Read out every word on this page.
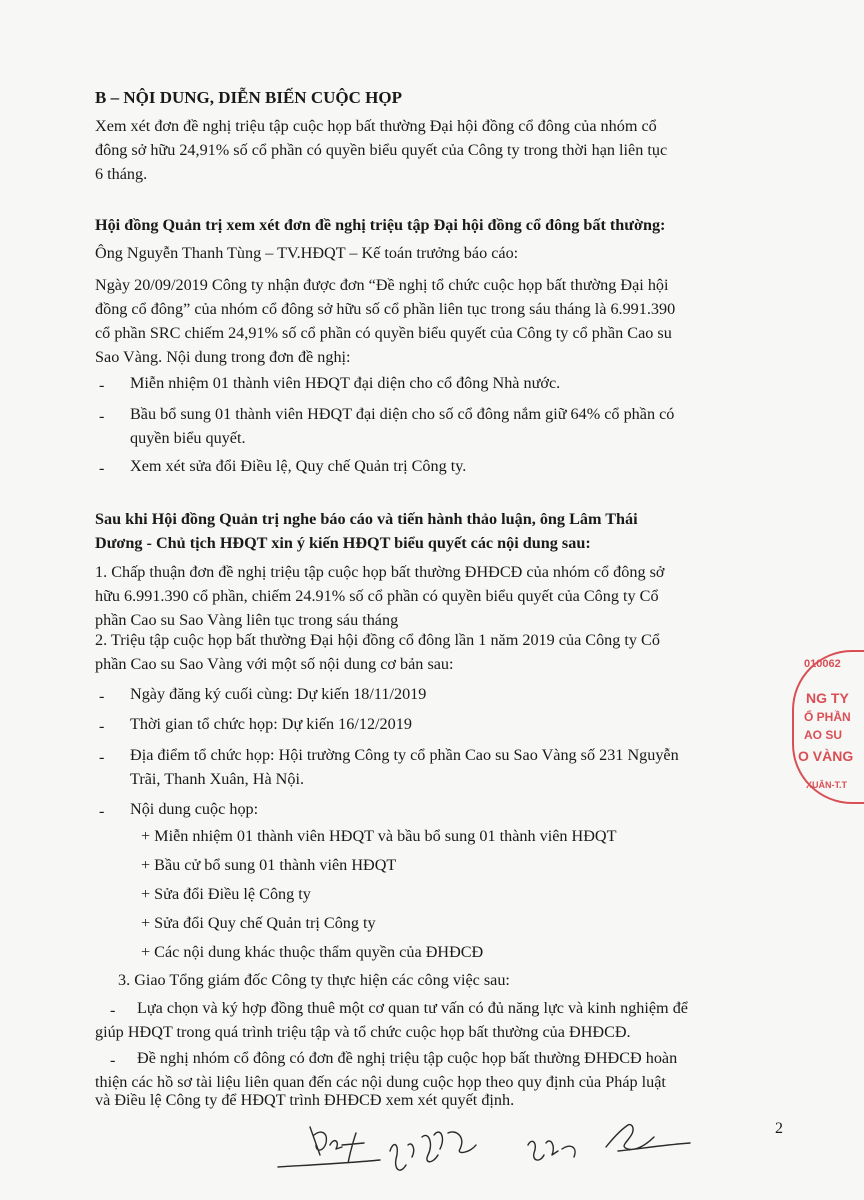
B – NỘI DUNG, DIỄN BIẾN CUỘC HỌP
Xem xét đơn đề nghị triệu tập cuộc họp bất thường Đại hội đồng cổ đông của nhóm cổ
đông sở hữu 24,91% số cổ phần có quyền biểu quyết của Công ty trong thời hạn liên tục
6 tháng.
Hội đồng Quản trị xem xét đơn đề nghị triệu tập Đại hội đồng cổ đông bất thường:
Ông Nguyễn Thanh Tùng – TV.HĐQT – Kế toán trưởng báo cáo:
Ngày 20/09/2019 Công ty nhận được đơn “Đề nghị tổ chức cuộc họp bất thường Đại hội
đồng cổ đông” của nhóm cổ đông sở hữu số cổ phần liên tục trong sáu tháng là 6.991.390
cổ phần SRC chiếm 24,91% số cổ phần có quyền biểu quyết của Công ty cổ phần Cao su
Sao Vàng. Nội dung trong đơn đề nghị:
- Miễn nhiệm 01 thành viên HĐQT đại diện cho cổ đông Nhà nước.
- Bầu bổ sung 01 thành viên HĐQT đại diện cho số cổ đông nắm giữ 64% cổ phần có
quyền biểu quyết.
- Xem xét sửa đổi Điều lệ, Quy chế Quản trị Công ty.
Sau khi Hội đồng Quản trị nghe báo cáo và tiến hành thảo luận, ông Lâm Thái
Dương - Chủ tịch HĐQT xin ý kiến HĐQT biểu quyết các nội dung sau:
1. Chấp thuận đơn đề nghị triệu tập cuộc họp bất thường ĐHĐCĐ của nhóm cổ đông sở
hữu 6.991.390 cổ phần, chiếm 24.91% số cổ phần có quyền biểu quyết của Công ty Cổ
phần Cao su Sao Vàng liên tục trong sáu tháng
2. Triệu tập cuộc họp bất thường Đại hội đồng cổ đông lần 1 năm 2019 của Công ty Cổ
phần Cao su Sao Vàng với một số nội dung cơ bản sau:
- Ngày đăng ký cuối cùng: Dự kiến 18/11/2019
- Thời gian tổ chức họp: Dự kiến 16/12/2019
- Địa điểm tổ chức họp: Hội trường Công ty cổ phần Cao su Sao Vàng số 231 Nguyễn
Trãi, Thanh Xuân, Hà Nội.
- Nội dung cuộc họp:
+ Miễn nhiệm 01 thành viên HĐQT và bầu bổ sung 01 thành viên HĐQT
+ Bầu cử bổ sung 01 thành viên HĐQT
+ Sửa đổi Điều lệ Công ty
+ Sửa đổi Quy chế Quản trị Công ty
+ Các nội dung khác thuộc thẩm quyền của ĐHĐCĐ
3. Giao Tổng giám đốc Công ty thực hiện các công việc sau:
- Lựa chọn và ký hợp đồng thuê một cơ quan tư vấn có đủ năng lực và kinh nghiệm để
giúp HĐQT trong quá trình triệu tập và tổ chức cuộc họp bất thường của ĐHĐCĐ.
- Đề nghị nhóm cổ đông có đơn đề nghị triệu tập cuộc họp bất thường ĐHĐCĐ hoàn
thiện các hồ sơ tài liệu liên quan đến các nội dung cuộc họp theo quy định của Pháp luật
và Điều lệ Công ty để HĐQT trình ĐHĐCĐ xem xét quyết định.
2
010062
NG TY
Ổ PHẦN
AO SU
O VÀNG
XUÂN-T.T
